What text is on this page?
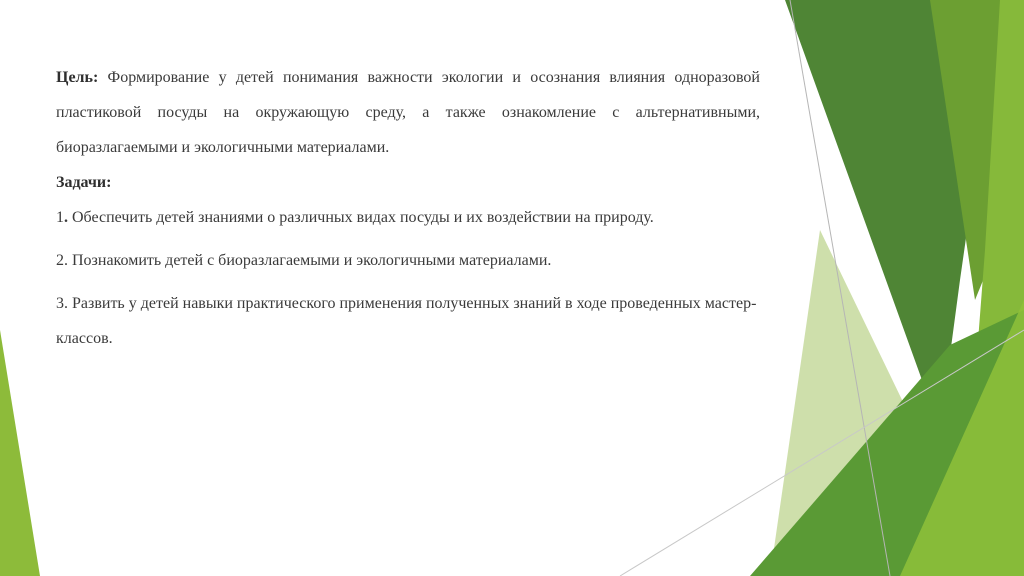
Цель: Формирование у детей понимания важности экологии и осознания влияния одноразовой пластиковой посуды на окружающую среду, а также ознакомление с альтернативными, биоразлагаемыми и экологичными материалами.

Задачи:

1. Обеспечить детей знаниями о различных видах посуды и их воздействии на природу.

2. Познакомить детей с биоразлагаемыми и экологичными материалами.

3. Развить у детей навыки практического применения полученных знаний в ходе проведенных мастер-классов.
